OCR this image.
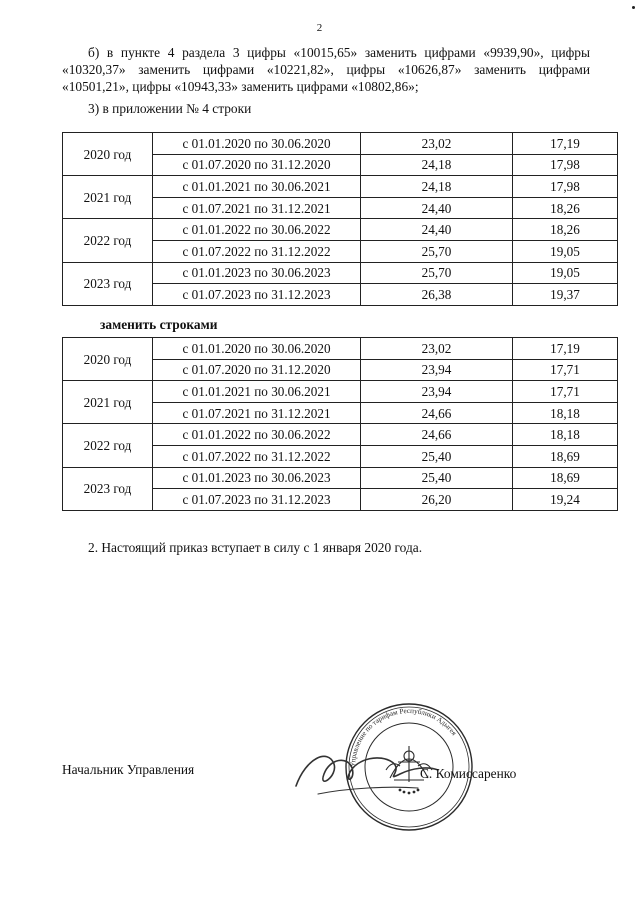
2
б) в пункте 4 раздела 3 цифры «10015,65» заменить цифрами «9939,90», цифры «10320,37» заменить цифрами «10221,82», цифры «10626,87» заменить цифрами «10501,21», цифры «10943,33» заменить цифрами «10802,86»;
3) в приложении № 4 строки
2020 год	с 01.01.2020 по 30.06.2020	23,02	17,19
	с 01.07.2020 по 31.12.2020	24,18	17,98
2021 год	с 01.01.2021 по 30.06.2021	24,18	17,98
	с 01.07.2021 по 31.12.2021	24,40	18,26
2022 год	с 01.01.2022 по 30.06.2022	24,40	18,26
	с 01.07.2022 по 31.12.2022	25,70	19,05
2023 год	с 01.01.2023 по 30.06.2023	25,70	19,05
	с 01.07.2023 по 31.12.2023	26,38	19,37
заменить строками
2020 год	с 01.01.2020 по 30.06.2020	23,02	17,19
	с 01.07.2020 по 31.12.2020	23,94	17,71
2021 год	с 01.01.2021 по 30.06.2021	23,94	17,71
	с 01.07.2021 по 31.12.2021	24,66	18,18
2022 год	с 01.01.2022 по 30.06.2022	24,66	18,18
	с 01.07.2022 по 31.12.2022	25,40	18,69
2023 год	с 01.01.2023 по 30.06.2023	25,40	18,69
	с 01.07.2023 по 31.12.2023	26,20	19,24
2. Настоящий приказ вступает в силу с 1 января 2020 года.
Начальник Управления	Управление по тарифам Республики Адыгея
С. Комиссаренко
